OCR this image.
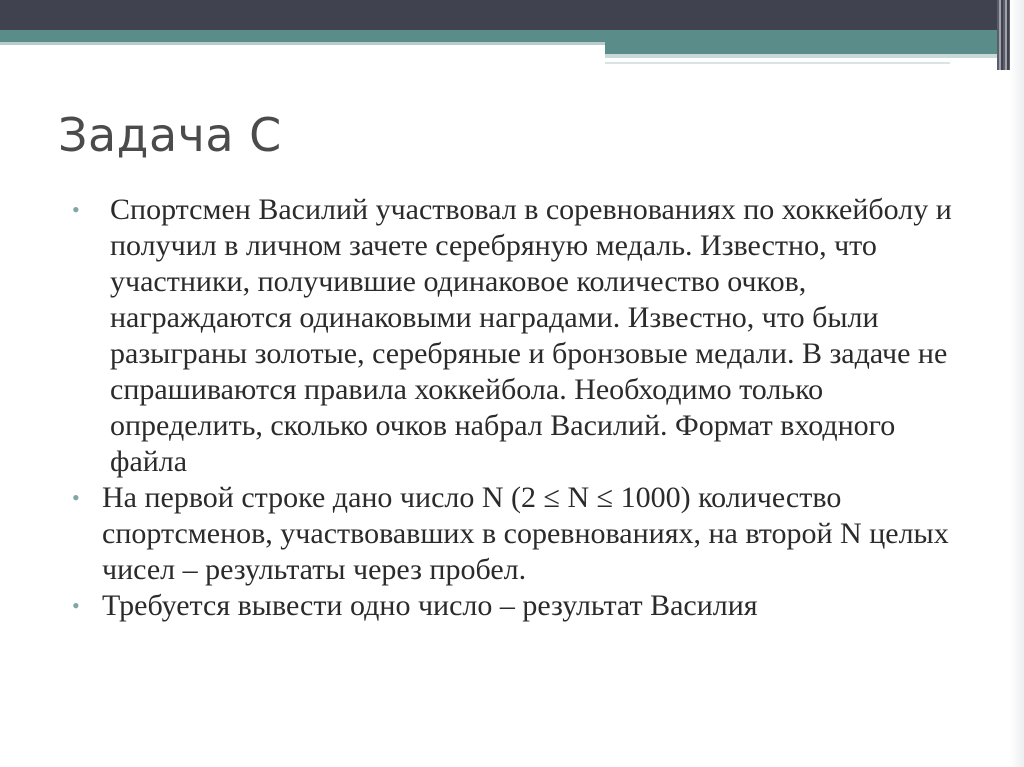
Задача C
• Спортсмен Василий участвовал в соревнованиях по хоккейболу и получил в личном зачете серебряную медаль. Известно, что участники, получившие одинаковое количество очков, награждаются одинаковыми наградами. Известно, что были разыграны золотые, серебряные и бронзовые медали. В задаче не спрашиваются правила хоккейбола. Необходимо только определить, сколько очков набрал Василий. Формат входного файла
• На первой строке дано число N (2 ≤ N ≤ 1000) количество спортсменов, участвовавших в соревнованиях, на второй N целых чисел – результаты через пробел.
• Требуется вывести одно число – результат Василия
